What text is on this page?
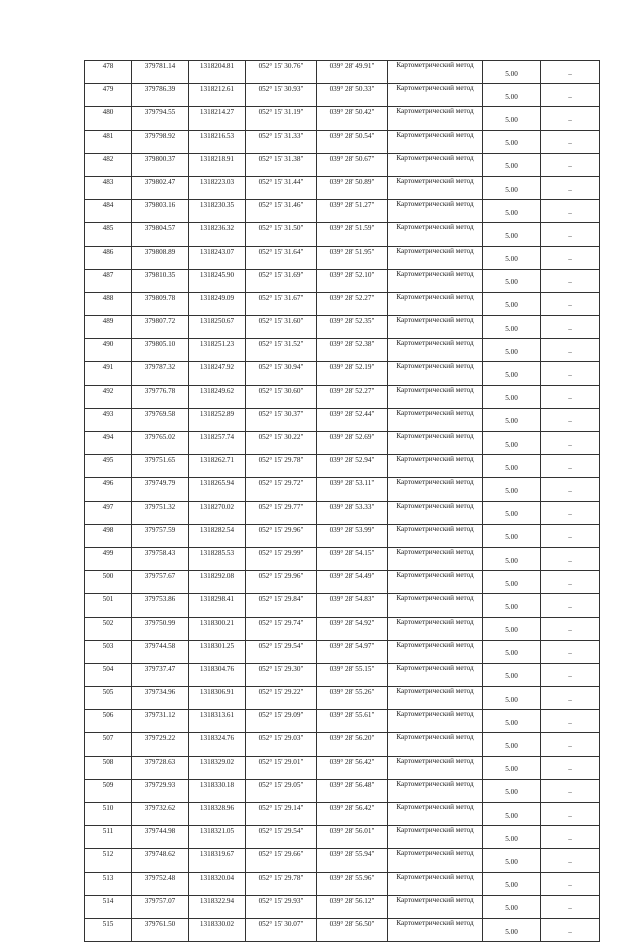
478	379781.14	1318204.81	052° 15' 30.76"	039° 28' 49.91"	Картометрический метод	5.00	–
479	379786.39	1318212.61	052° 15' 30.93"	039° 28' 50.33"	Картометрический метод	5.00	–
480	379794.55	1318214.27	052° 15' 31.19"	039° 28' 50.42"	Картометрический метод	5.00	–
481	379798.92	1318216.53	052° 15' 31.33"	039° 28' 50.54"	Картометрический метод	5.00	–
482	379800.37	1318218.91	052° 15' 31.38"	039° 28' 50.67"	Картометрический метод	5.00	–
483	379802.47	1318223.03	052° 15' 31.44"	039° 28' 50.89"	Картометрический метод	5.00	–
484	379803.16	1318230.35	052° 15' 31.46"	039° 28' 51.27"	Картометрический метод	5.00	–
485	379804.57	1318236.32	052° 15' 31.50"	039° 28' 51.59"	Картометрический метод	5.00	–
486	379808.89	1318243.07	052° 15' 31.64"	039° 28' 51.95"	Картометрический метод	5.00	–
487	379810.35	1318245.90	052° 15' 31.69"	039° 28' 52.10"	Картометрический метод	5.00	–
488	379809.78	1318249.09	052° 15' 31.67"	039° 28' 52.27"	Картометрический метод	5.00	–
489	379807.72	1318250.67	052° 15' 31.60"	039° 28' 52.35"	Картометрический метод	5.00	–
490	379805.10	1318251.23	052° 15' 31.52"	039° 28' 52.38"	Картометрический метод	5.00	–
491	379787.32	1318247.92	052° 15' 30.94"	039° 28' 52.19"	Картометрический метод	5.00	–
492	379776.78	1318249.62	052° 15' 30.60"	039° 28' 52.27"	Картометрический метод	5.00	–
493	379769.58	1318252.89	052° 15' 30.37"	039° 28' 52.44"	Картометрический метод	5.00	–
494	379765.02	1318257.74	052° 15' 30.22"	039° 28' 52.69"	Картометрический метод	5.00	–
495	379751.65	1318262.71	052° 15' 29.78"	039° 28' 52.94"	Картометрический метод	5.00	–
496	379749.79	1318265.94	052° 15' 29.72"	039° 28' 53.11"	Картометрический метод	5.00	–
497	379751.32	1318270.02	052° 15' 29.77"	039° 28' 53.33"	Картометрический метод	5.00	–
498	379757.59	1318282.54	052° 15' 29.96"	039° 28' 53.99"	Картометрический метод	5.00	–
499	379758.43	1318285.53	052° 15' 29.99"	039° 28' 54.15"	Картометрический метод	5.00	–
500	379757.67	1318292.08	052° 15' 29.96"	039° 28' 54.49"	Картометрический метод	5.00	–
501	379753.86	1318298.41	052° 15' 29.84"	039° 28' 54.83"	Картометрический метод	5.00	–
502	379750.99	1318300.21	052° 15' 29.74"	039° 28' 54.92"	Картометрический метод	5.00	–
503	379744.58	1318301.25	052° 15' 29.54"	039° 28' 54.97"	Картометрический метод	5.00	–
504	379737.47	1318304.76	052° 15' 29.30"	039° 28' 55.15"	Картометрический метод	5.00	–
505	379734.96	1318306.91	052° 15' 29.22"	039° 28' 55.26"	Картометрический метод	5.00	–
506	379731.12	1318313.61	052° 15' 29.09"	039° 28' 55.61"	Картометрический метод	5.00	–
507	379729.22	1318324.76	052° 15' 29.03"	039° 28' 56.20"	Картометрический метод	5.00	–
508	379728.63	1318329.02	052° 15' 29.01"	039° 28' 56.42"	Картометрический метод	5.00	–
509	379729.93	1318330.18	052° 15' 29.05"	039° 28' 56.48"	Картометрический метод	5.00	–
510	379732.62	1318328.96	052° 15' 29.14"	039° 28' 56.42"	Картометрический метод	5.00	–
511	379744.98	1318321.05	052° 15' 29.54"	039° 28' 56.01"	Картометрический метод	5.00	–
512	379748.62	1318319.67	052° 15' 29.66"	039° 28' 55.94"	Картометрический метод	5.00	–
513	379752.48	1318320.04	052° 15' 29.78"	039° 28' 55.96"	Картометрический метод	5.00	–
514	379757.07	1318322.94	052° 15' 29.93"	039° 28' 56.12"	Картометрический метод	5.00	–
515	379761.50	1318330.02	052° 15' 30.07"	039° 28' 56.50"	Картометрический метод	5.00	–
